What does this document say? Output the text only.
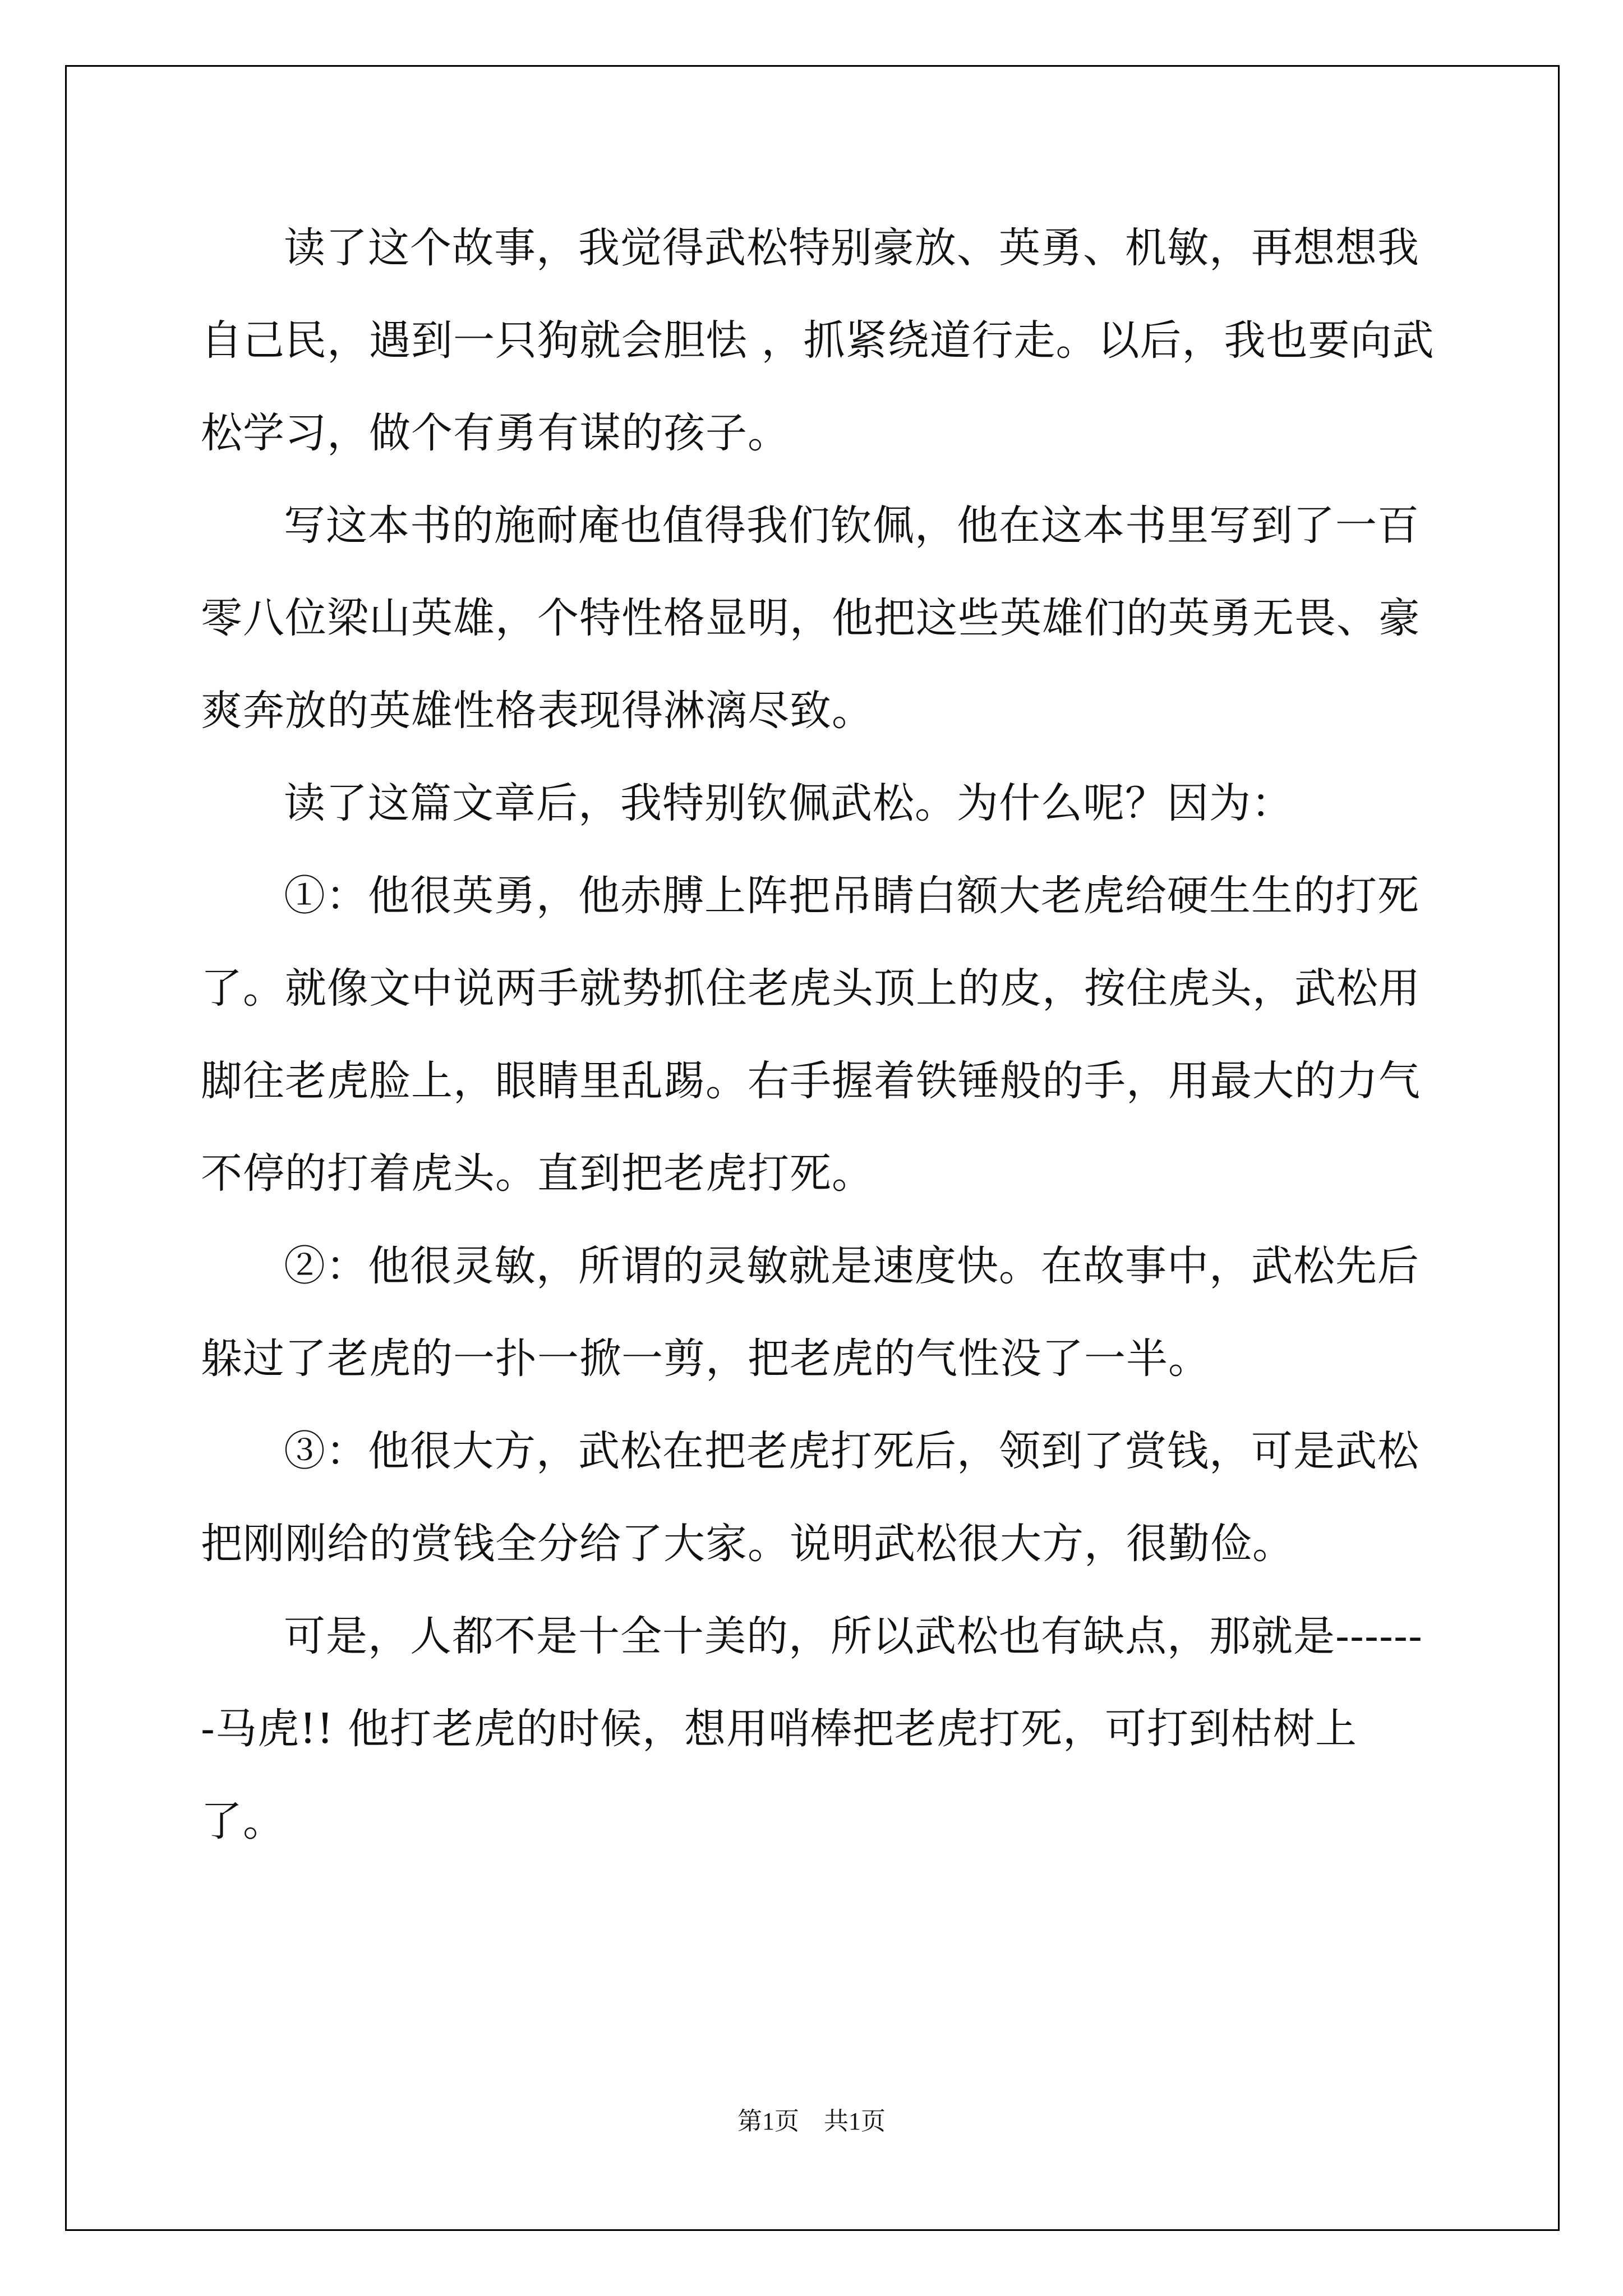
读了这个故事，我觉得武松特别豪放、英勇、机敏，再想想我自己民，遇到一只狗就会胆怯 ，抓紧绕道行走。以后，我也要向武松学习，做个有勇有谋的孩子。

写这本书的施耐庵也值得我们钦佩，他在这本书里写到了一百零八位梁山英雄，个特性格显明，他把这些英雄们的英勇无畏、豪爽奔放的英雄性格表现得淋漓尽致。

读了这篇文章后，我特别钦佩武松。为什么呢？因为：

①：他很英勇，他赤膊上阵把吊睛白额大老虎给硬生生的打死了。就像文中说两手就势抓住老虎头顶上的皮，按住虎头，武松用脚往老虎脸上，眼睛里乱踢。右手握着铁锤般的手，用最大的力气不停的打着虎头。直到把老虎打死。

②：他很灵敏，所谓的灵敏就是速度快。在故事中，武松先后躲过了老虎的一扑一掀一剪，把老虎的气性没了一半。

③：他很大方，武松在把老虎打死后，领到了赏钱，可是武松把刚刚给的赏钱全分给了大家。说明武松很大方，很勤俭。

可是，人都不是十全十美的，所以武松也有缺点，那就是-------马虎!! 他打老虎的时候，想用哨棒把老虎打死，可打到枯树上了。

第1页 共1页
